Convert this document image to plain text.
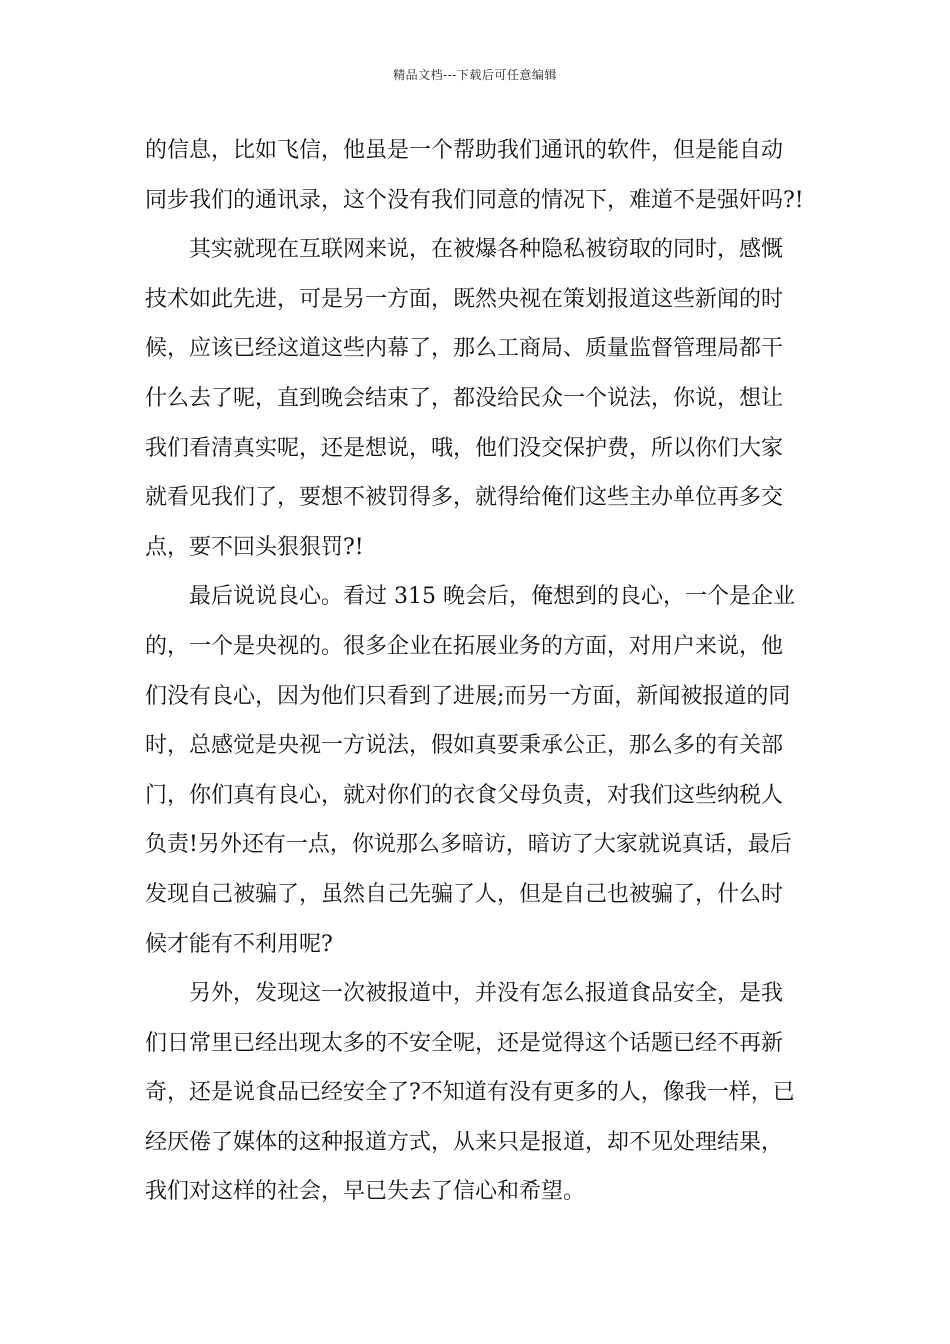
精品文档---下载后可任意编辑
的信息，比如飞信，他虽是一个帮助我们通讯的软件，但是能自动
同步我们的通讯录，这个没有我们同意的情况下，难道不是强奸吗?!
其实就现在互联网来说，在被爆各种隐私被窃取的同时，感慨
技术如此先进，可是另一方面，既然央视在策划报道这些新闻的时
候，应该已经这道这些内幕了，那么工商局、质量监督管理局都干
什么去了呢，直到晚会结束了，都没给民众一个说法，你说，想让
我们看清真实呢，还是想说，哦，他们没交保护费，所以你们大家
就看见我们了，要想不被罚得多，就得给俺们这些主办单位再多交
点，要不回头狠狠罚?!
最后说说良心。看过 315 晚会后，俺想到的良心，一个是企业
的，一个是央视的。很多企业在拓展业务的方面，对用户来说，他
们没有良心，因为他们只看到了进展;而另一方面，新闻被报道的同
时，总感觉是央视一方说法，假如真要秉承公正，那么多的有关部
门，你们真有良心，就对你们的衣食父母负责，对我们这些纳税人
负责!另外还有一点，你说那么多暗访，暗访了大家就说真话，最后
发现自己被骗了，虽然自己先骗了人，但是自己也被骗了，什么时
候才能有不利用呢?
另外，发现这一次被报道中，并没有怎么报道食品安全，是我
们日常里已经出现太多的不安全呢，还是觉得这个话题已经不再新
奇，还是说食品已经安全了?不知道有没有更多的人，像我一样，已
经厌倦了媒体的这种报道方式，从来只是报道，却不见处理结果，
我们对这样的社会，早已失去了信心和希望。
